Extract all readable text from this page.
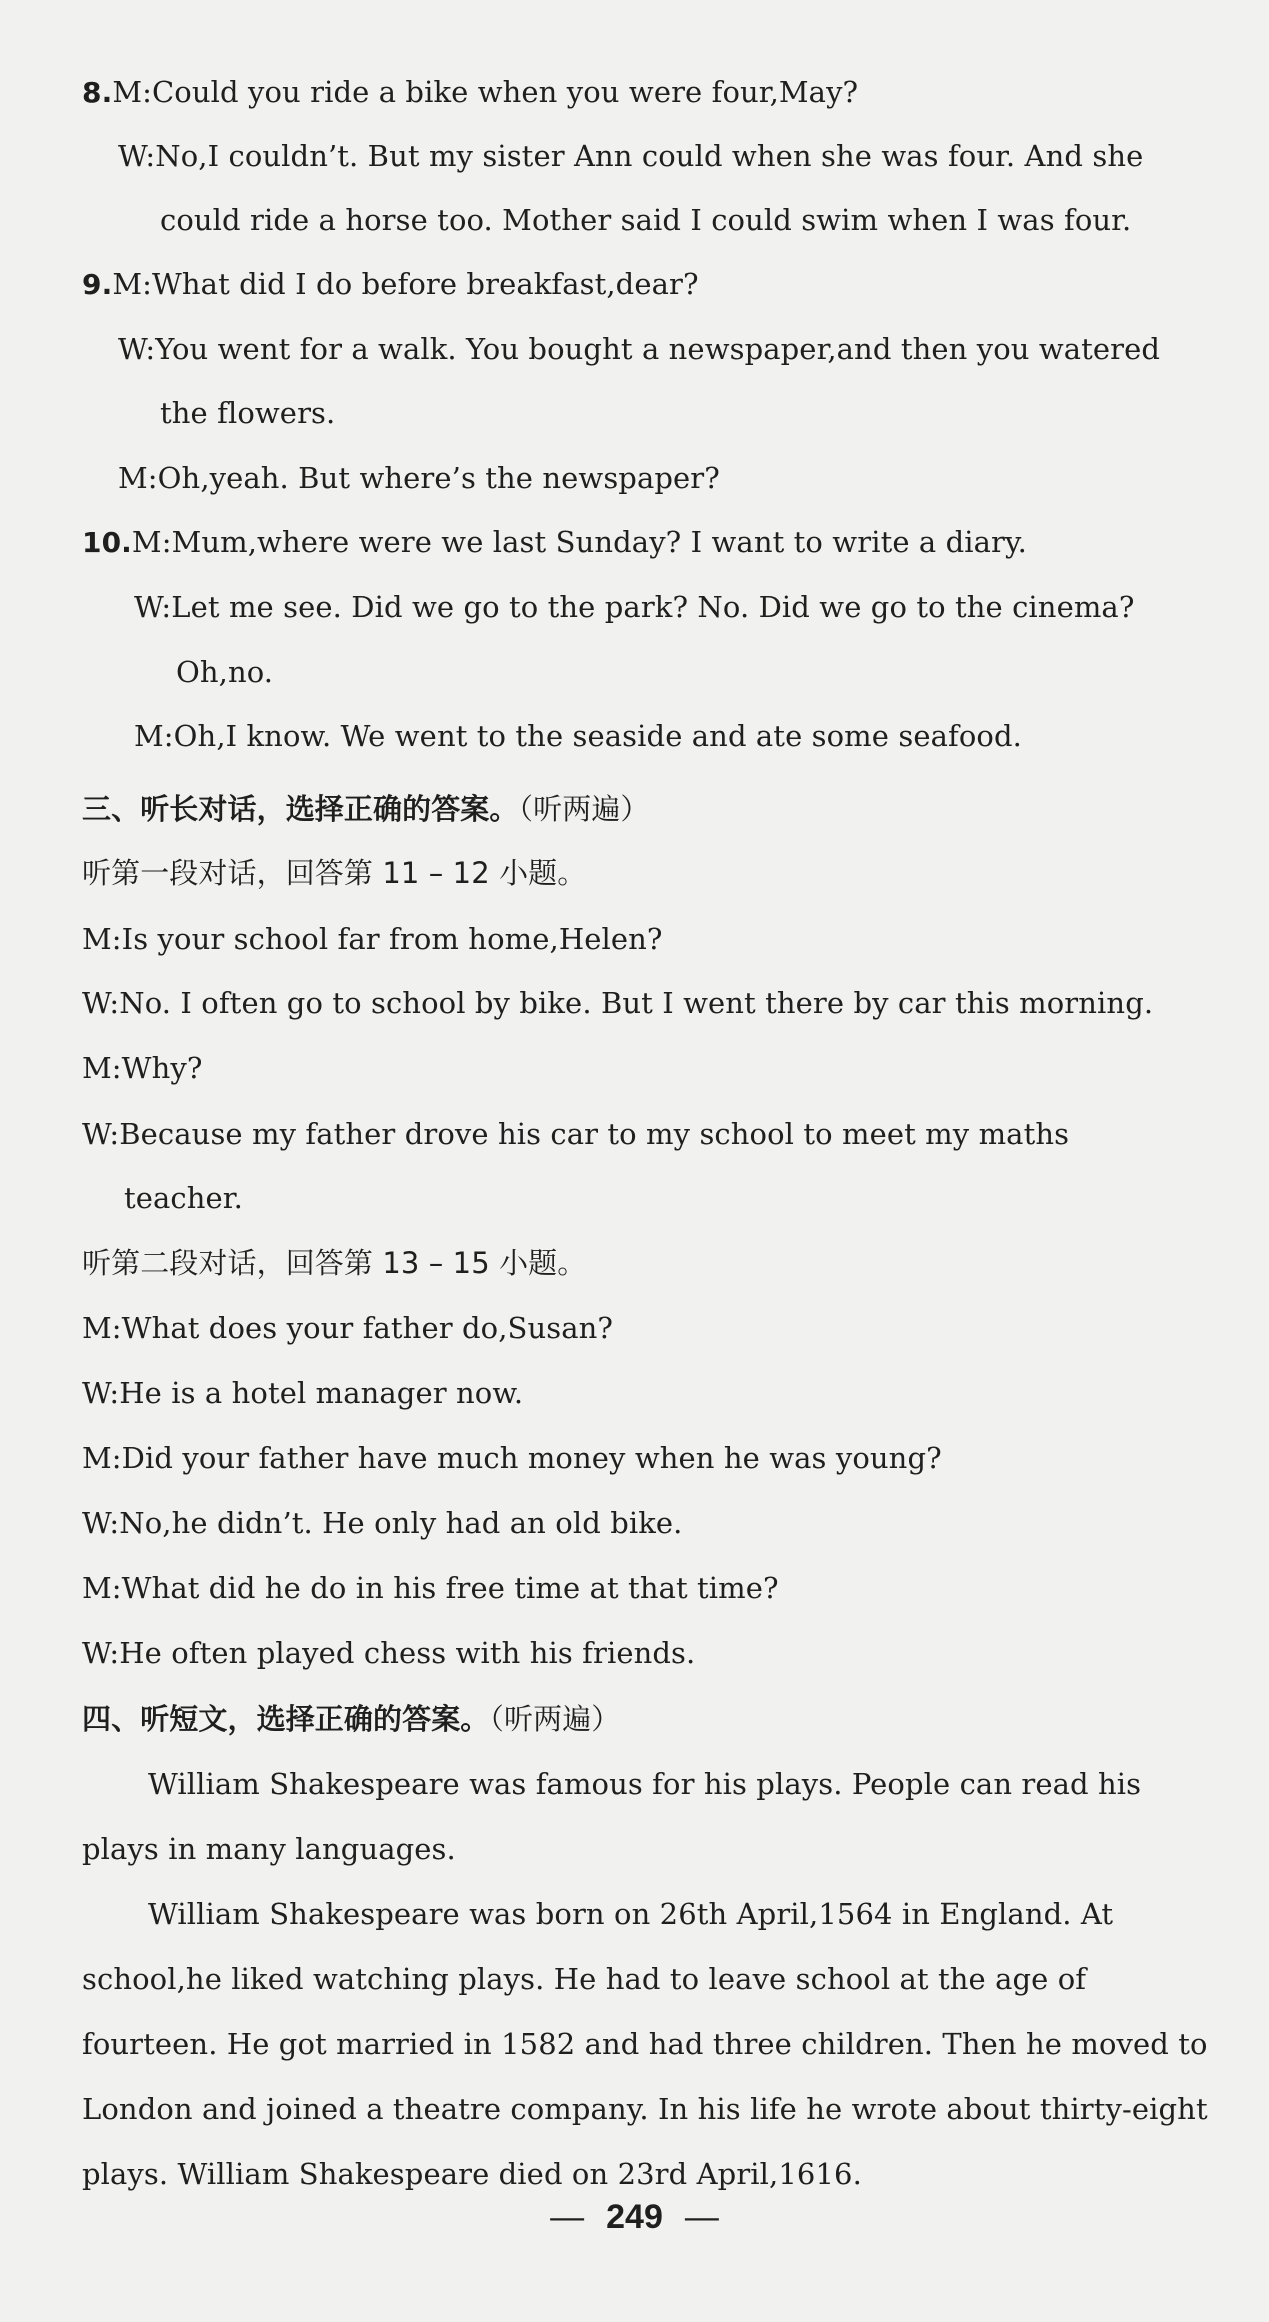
8.M:Could you ride a bike when you were four,May?
W:No,I couldn’t. But my sister Ann could when she was four. And she
could ride a horse too. Mother said I could swim when I was four.
9.M:What did I do before breakfast,dear?
W:You went for a walk. You bought a newspaper,and then you watered
the flowers.
M:Oh,yeah. But where’s the newspaper?
10.M:Mum,where were we last Sunday? I want to write a diary.
W:Let me see. Did we go to the park? No. Did we go to the cinema?
Oh,no.
M:Oh,I know. We went to the seaside and ate some seafood.
三、听长对话，选择正确的答案。（听两遍）
听第一段对话，回答第 11 – 12 小题。
M:Is your school far from home,Helen?
W:No. I often go to school by bike. But I went there by car this morning.
M:Why?
W:Because my father drove his car to my school to meet my maths
teacher.
听第二段对话，回答第 13 – 15 小题。
M:What does your father do,Susan?
W:He is a hotel manager now.
M:Did your father have much money when he was young?
W:No,he didn’t. He only had an old bike.
M:What did he do in his free time at that time?
W:He often played chess with his friends.
四、听短文，选择正确的答案。（听两遍）
William Shakespeare was famous for his plays. People can read his
plays in many languages.
William Shakespeare was born on 26th April,1564 in England. At
school,he liked watching plays. He had to leave school at the age of
fourteen. He got married in 1582 and had three children. Then he moved to
London and joined a theatre company. In his life he wrote about thirty-eight
plays. William Shakespeare died on 23rd April,1616.
— 249 —
